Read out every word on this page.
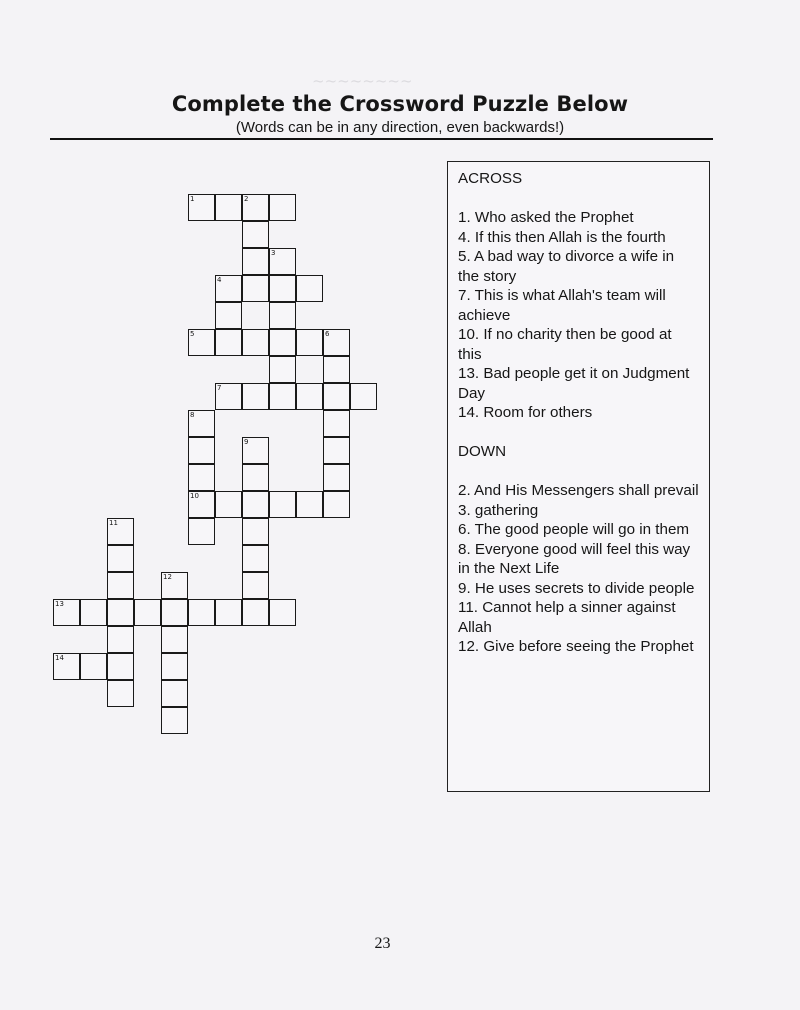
~~~~~~~~
Complete the Crossword Puzzle Below
(Words can be in any direction, even backwards!)
1	2
3
4
5	6
7
8
9
10
11
12
13
14
ACROSS
1. Who asked the Prophet
4. If this then Allah is the fourth
5. A bad way to divorce a wife in the story
7. This is what Allah's team will achieve
10. If no charity then be good at this
13. Bad people get it on Judgment Day
14. Room for others
DOWN
2. And His Messengers shall prevail
3. gathering
6. The good people will go in them
8. Everyone good will feel this way in the Next Life
9. He uses secrets to divide people
11. Cannot help a sinner against Allah
12. Give before seeing the Prophet
23
